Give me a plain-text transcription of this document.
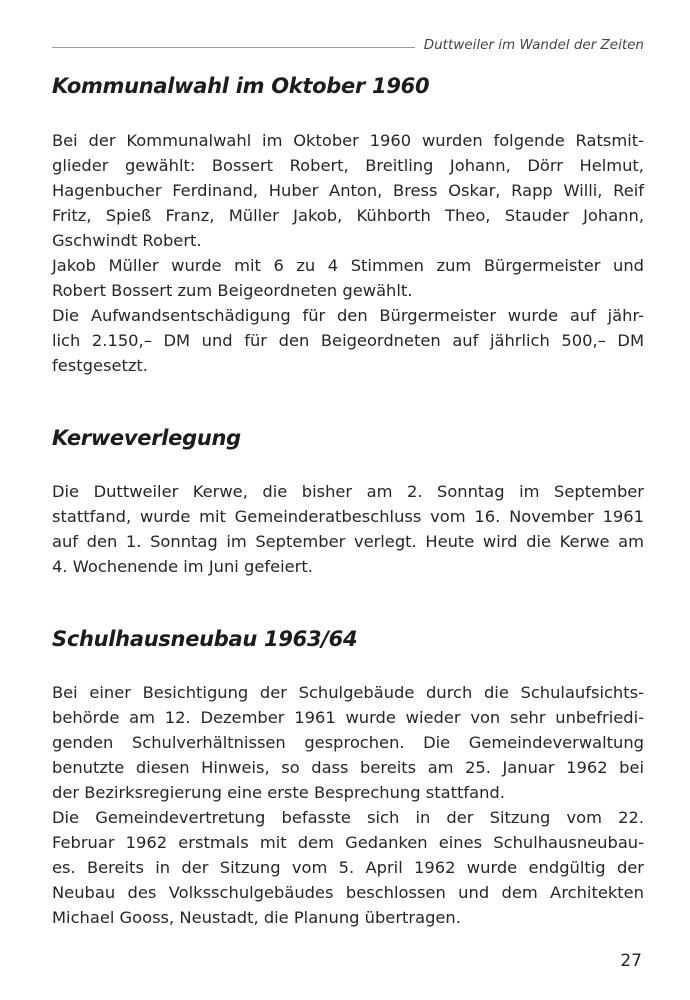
Duttweiler im Wandel der Zeiten
Kommunalwahl im Oktober 1960
Bei der Kommunalwahl im Oktober 1960 wurden folgende Ratsmit-
glieder gewählt: Bossert Robert, Breitling Johann, Dörr Helmut,
Hagenbucher Ferdinand, Huber Anton, Bress Oskar, Rapp Willi, Reif
Fritz, Spieß Franz, Müller Jakob, Kühborth Theo, Stauder Johann,
Gschwindt Robert.
Jakob Müller wurde mit 6 zu 4 Stimmen zum Bürgermeister und
Robert Bossert zum Beigeordneten gewählt.
Die Aufwandsentschädigung für den Bürgermeister wurde auf jähr-
lich 2.150,– DM und für den Beigeordneten auf jährlich 500,– DM
festgesetzt.
Kerweverlegung
Die Duttweiler Kerwe, die bisher am 2. Sonntag im September
stattfand, wurde mit Gemeinderatbeschluss vom 16. November 1961
auf den 1. Sonntag im September verlegt. Heute wird die Kerwe am
4. Wochenende im Juni gefeiert.
Schulhausneubau 1963/64
Bei einer Besichtigung der Schulgebäude durch die Schulaufsichts-
behörde am 12. Dezember 1961 wurde wieder von sehr unbefriedi-
genden Schulverhältnissen gesprochen. Die Gemeindeverwaltung
benutzte diesen Hinweis, so dass bereits am 25. Januar 1962 bei
der Bezirksregierung eine erste Besprechung stattfand.
Die Gemeindevertretung befasste sich in der Sitzung vom 22.
Februar 1962 erstmals mit dem Gedanken eines Schulhausneubau-
es. Bereits in der Sitzung vom 5. April 1962 wurde endgültig der
Neubau des Volksschulgebäudes beschlossen und dem Architekten
Michael Gooss, Neustadt, die Planung übertragen.
27
